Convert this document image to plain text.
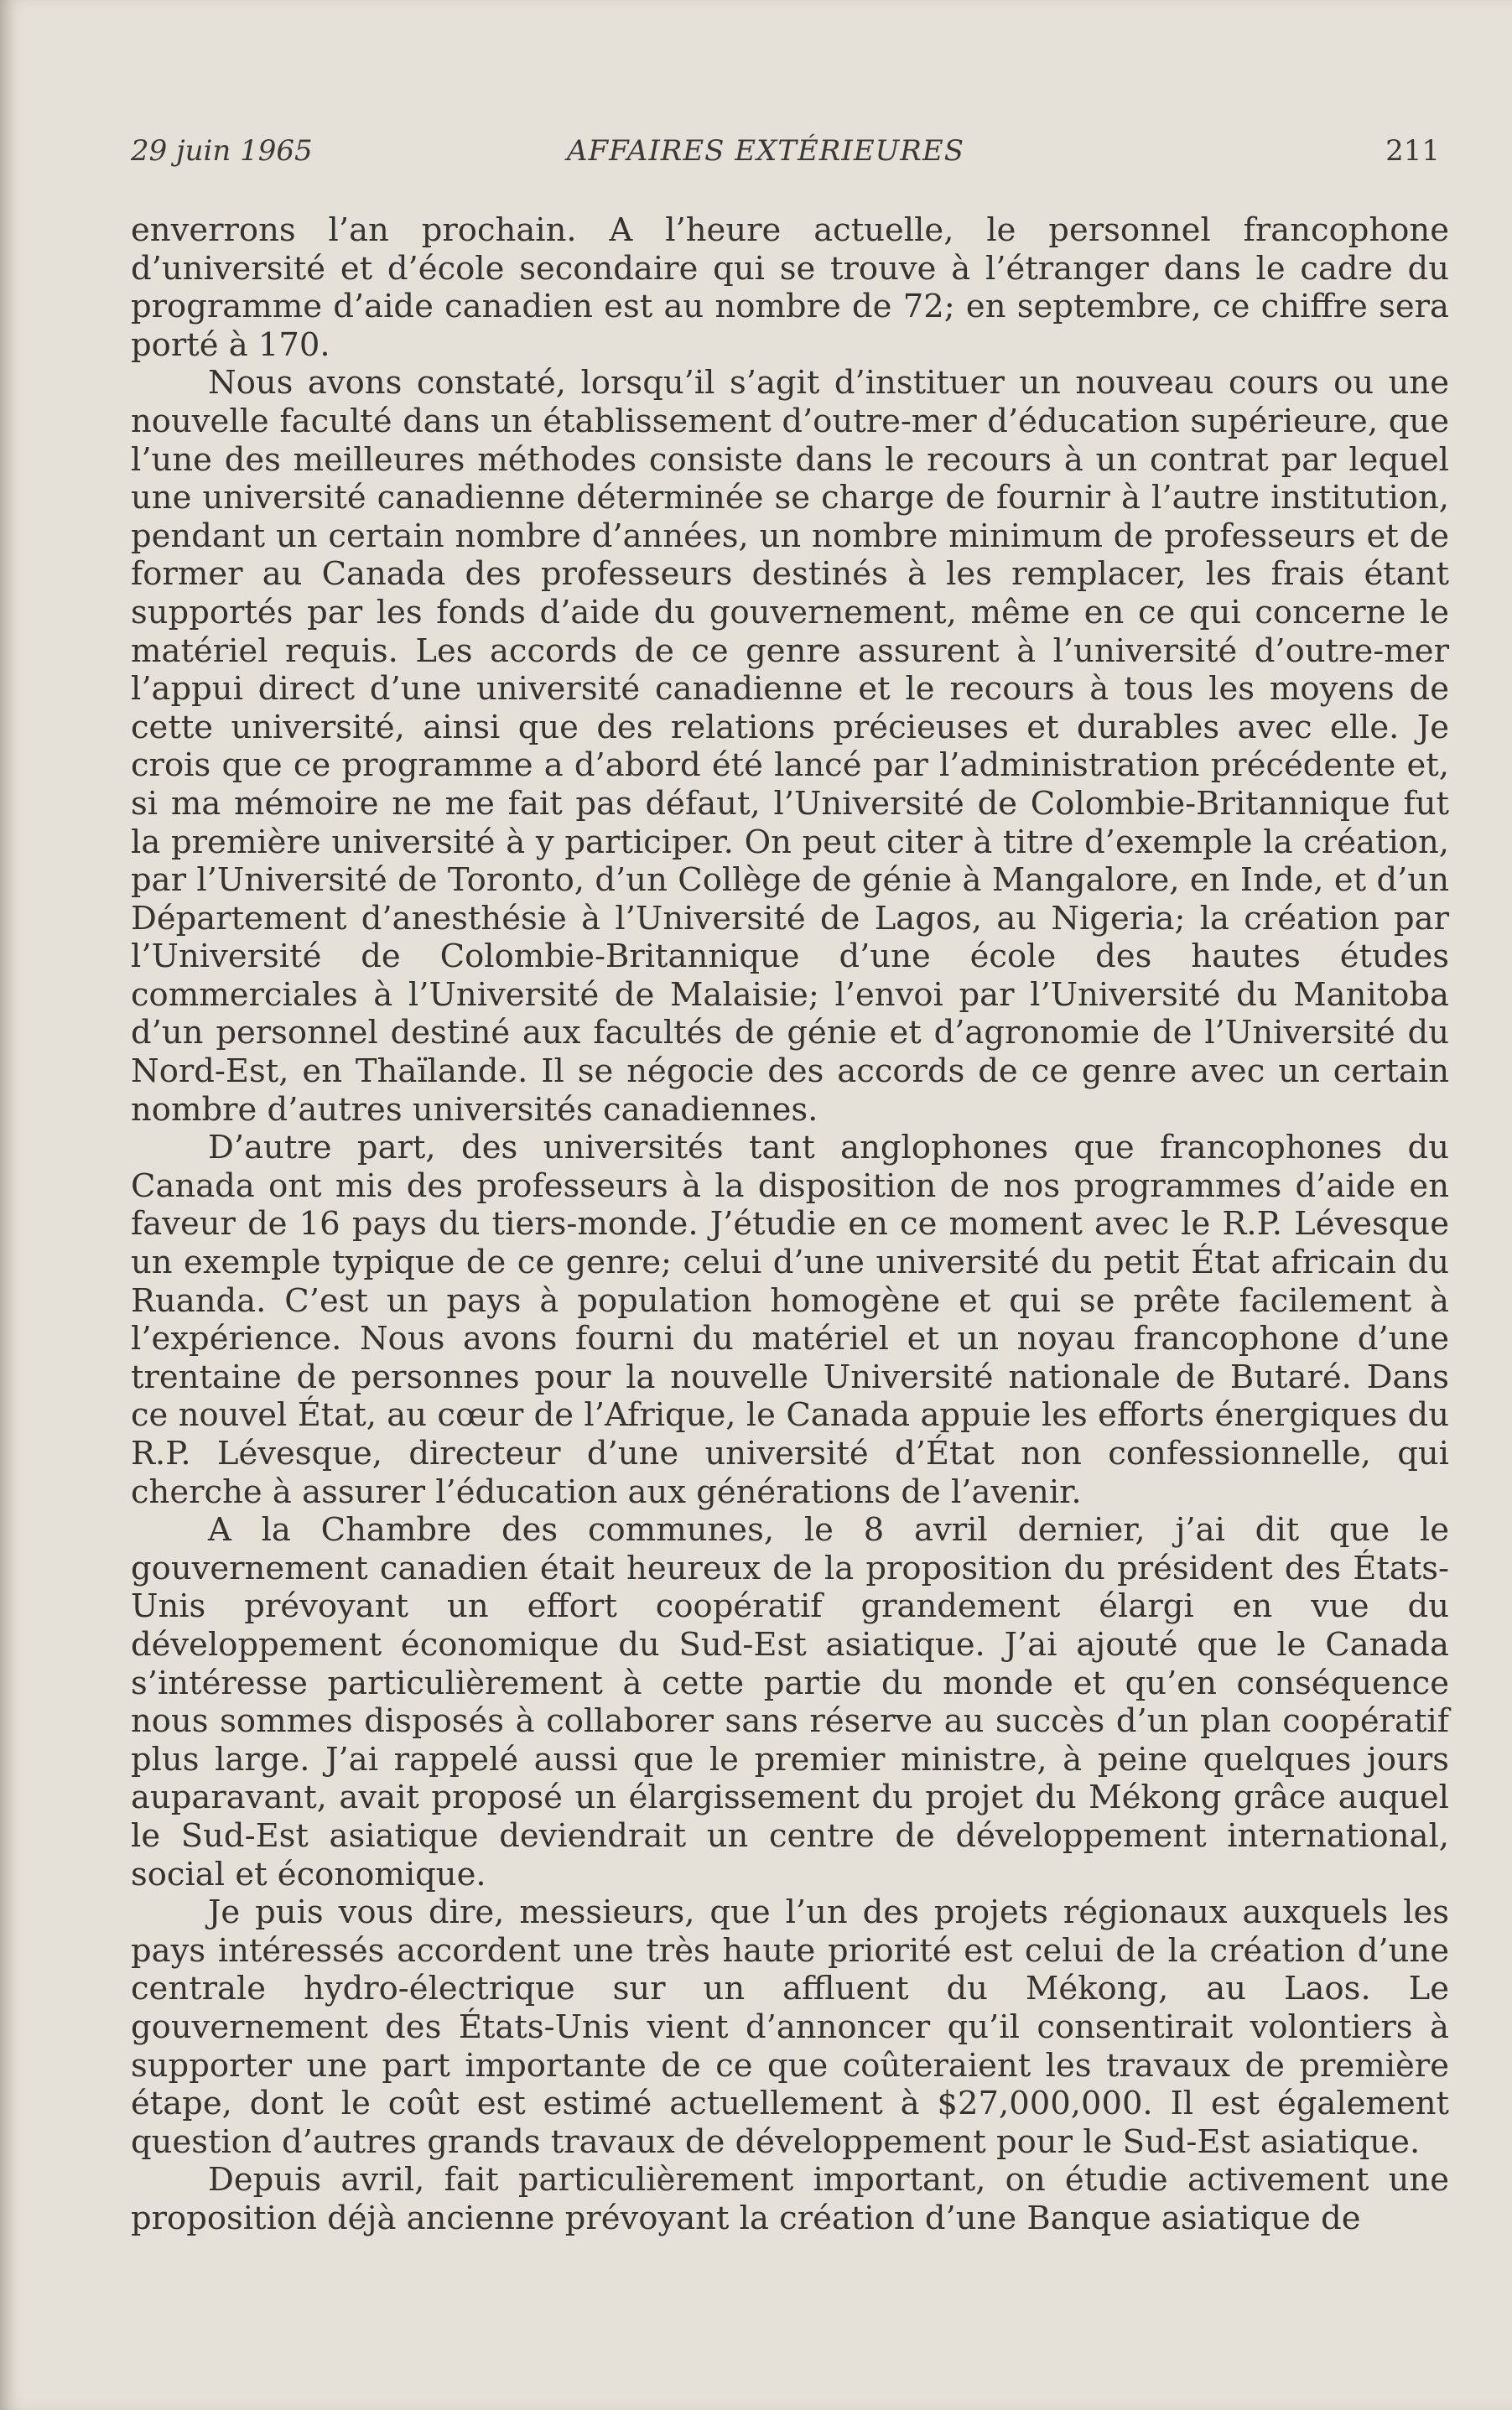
29 juin 1965	AFFAIRES EXTÉRIEURES	211

enverrons l’an prochain. A l’heure actuelle, le personnel francophone d’université et d’école secondaire qui se trouve à l’étranger dans le cadre du programme d’aide canadien est au nombre de 72; en septembre, ce chiffre sera porté à 170.

Nous avons constaté, lorsqu’il s’agit d’instituer un nouveau cours ou une nouvelle faculté dans un établissement d’outre-mer d’éducation supérieure, que l’une des meilleures méthodes consiste dans le recours à un contrat par lequel une université canadienne déterminée se charge de fournir à l’autre institution, pendant un certain nombre d’années, un nombre minimum de professeurs et de former au Canada des professeurs destinés à les remplacer, les frais étant supportés par les fonds d’aide du gouvernement, même en ce qui concerne le matériel requis. Les accords de ce genre assurent à l’université d’outre-mer l’appui direct d’une université canadienne et le recours à tous les moyens de cette université, ainsi que des relations précieuses et durables avec elle. Je crois que ce programme a d’abord été lancé par l’administration précédente et, si ma mémoire ne me fait pas défaut, l’Université de Colombie-Britannique fut la première université à y participer. On peut citer à titre d’exemple la création, par l’Université de Toronto, d’un Collège de génie à Mangalore, en Inde, et d’un Département d’anesthésie à l’Université de Lagos, au Nigeria; la création par l’Université de Colombie-Britannique d’une école des hautes études commerciales à l’Université de Malaisie; l’envoi par l’Université du Manitoba d’un personnel destiné aux facultés de génie et d’agronomie de l’Université du Nord-Est, en Thaïlande. Il se négocie des accords de ce genre avec un certain nombre d’autres universités canadiennes.

D’autre part, des universités tant anglophones que francophones du Canada ont mis des professeurs à la disposition de nos programmes d’aide en faveur de 16 pays du tiers-monde. J’étudie en ce moment avec le R.P. Lévesque un exemple typique de ce genre; celui d’une université du petit État africain du Ruanda. C’est un pays à population homogène et qui se prête facilement à l’expérience. Nous avons fourni du matériel et un noyau francophone d’une trentaine de personnes pour la nouvelle Université nationale de Butaré. Dans ce nouvel État, au cœur de l’Afrique, le Canada appuie les efforts énergiques du R.P. Lévesque, directeur d’une université d’État non confessionnelle, qui cherche à assurer l’éducation aux générations de l’avenir.

A la Chambre des communes, le 8 avril dernier, j’ai dit que le gouvernement canadien était heureux de la proposition du président des États-Unis prévoyant un effort coopératif grandement élargi en vue du développement économique du Sud-Est asiatique. J’ai ajouté que le Canada s’intéresse particulièrement à cette partie du monde et qu’en conséquence nous sommes disposés à collaborer sans réserve au succès d’un plan coopératif plus large. J’ai rappelé aussi que le premier ministre, à peine quelques jours auparavant, avait proposé un élargissement du projet du Mékong grâce auquel le Sud-Est asiatique deviendrait un centre de développement international, social et économique.

Je puis vous dire, messieurs, que l’un des projets régionaux auxquels les pays intéressés accordent une très haute priorité est celui de la création d’une centrale hydro-électrique sur un affluent du Mékong, au Laos. Le gouvernement des États-Unis vient d’annoncer qu’il consentirait volontiers à supporter une part importante de ce que coûteraient les travaux de première étape, dont le coût est estimé actuellement à $27,000,000. Il est également question d’autres grands travaux de développement pour le Sud-Est asiatique.

Depuis avril, fait particulièrement important, on étudie activement une proposition déjà ancienne prévoyant la création d’une Banque asiatique de
